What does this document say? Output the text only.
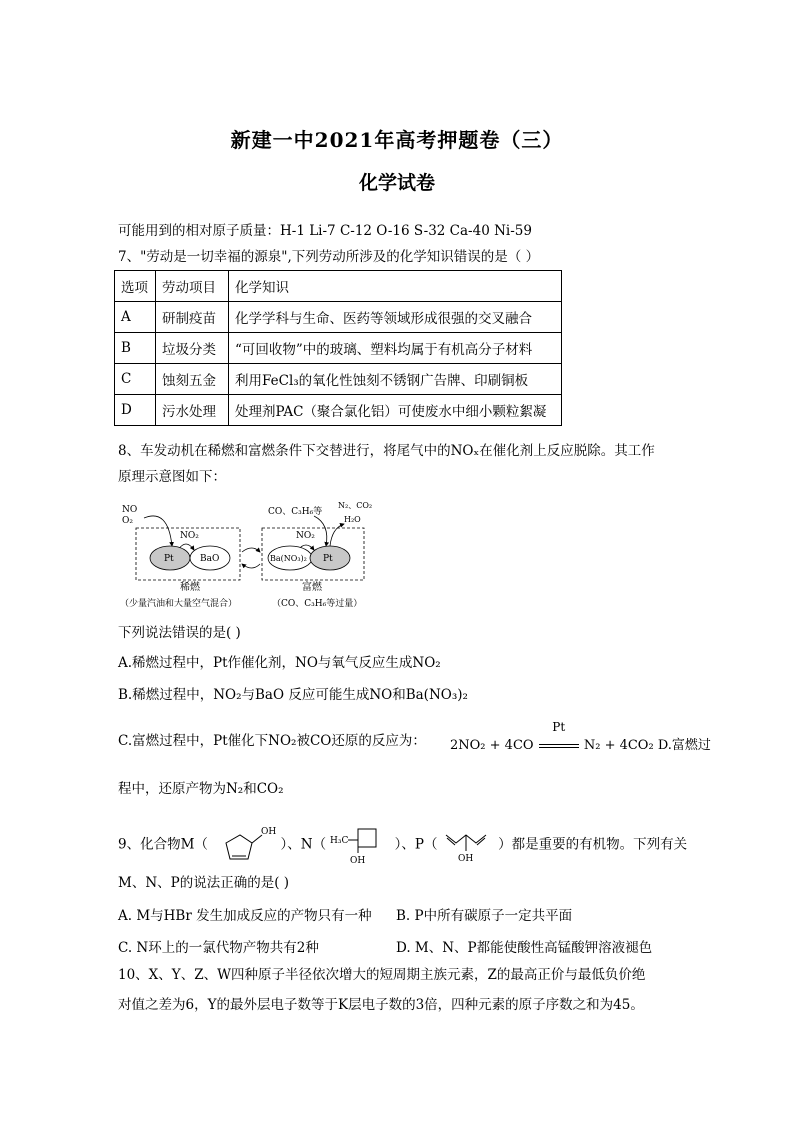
新建一中2021年高考押题卷（三）
化学试卷
可能用到的相对原子质量：H-1 Li-7 C-12 O-16 S-32 Ca-40 Ni-59
7、"劳动是一切幸福的源泉",下列劳动所涉及的化学知识错误的是（ ）
选项	劳动项目	化学知识
A	研制疫苗	化学学科与生命、医药等领域形成很强的交叉融合
B	垃圾分类	“可回收物”中的玻璃、塑料均属于有机高分子材料
C	蚀刻五金	利用FeCl₃的氧化性蚀刻不锈钢广告牌、印刷铜板
D	污水处理	处理剂PAC（聚合氯化铝）可使废水中细小颗粒絮凝
8、车发动机在稀燃和富燃条件下交替进行，将尾气中的NOₓ在催化剂上反应脱除。其工作
原理示意图如下：
NO
O₂
NO₂
Pt	BaO
稀燃
（少量汽油和大量空气混合）
CO、C₃H₆等
N₂、CO₂
H₂O
NO₂
Ba(NO₃)₂ Pt
富燃
（CO、C₃H₆等过量）
下列说法错误的是( )
A.稀燃过程中，Pt作催化剂，NO与氧气反应生成NO₂
B.稀燃过程中，NO₂与BaO 反应可能生成NO和Ba(NO₃)₂
C.富燃过程中，Pt催化下NO₂被CO还原的反应为： 2NO₂ + 4CO
Pt
N₂ + 4CO₂ D.富燃过
程中，还原产物为N₂和CO₂
9、化合物M（
OH
）、N（ H₃C
OH
）、P（
OH
）都是重要的有机物。下列有关
M、N、P的说法正确的是( )
A. M与HBr 发生加成反应的产物只有一种 B. P中所有碳原子一定共平面
C. N环上的一氯代物产物共有2种	D. M、N、P都能使酸性高锰酸钾溶液褪色
10、X、Y、Z、W四种原子半径依次增大的短周期主族元素，Z的最高正价与最低负价绝
对值之差为6，Y的最外层电子数等于K层电子数的3倍，四种元素的原子序数之和为45。
